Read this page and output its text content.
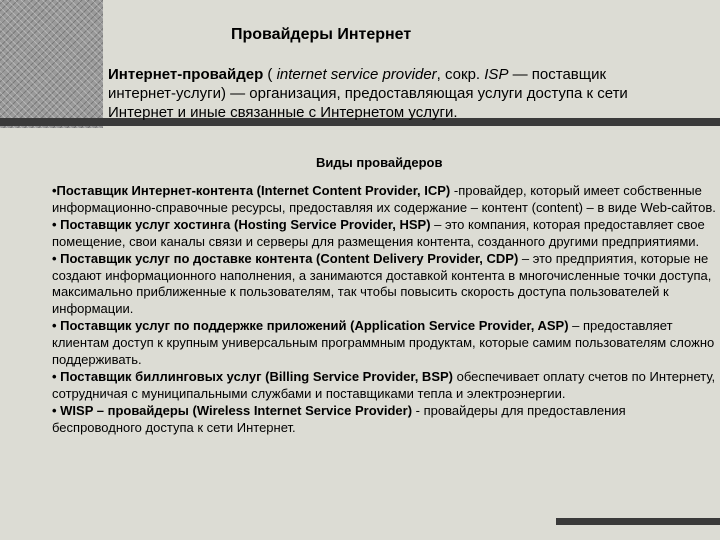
Провайдеры Интернет
Интернет-провайдер ( internet service provider, сокр. ISP — поставщик интернет-услуги) — организация, предоставляющая услуги доступа к сети Интернет и иные связанные с Интернетом услуги.
Виды провайдеров

•Поставщик Интернет-контента (Internet Content Provider, ICP) -провайдер, который имеет собственные информационно-справочные ресурсы, предоставляя их содержание – контент (content) – в виде Web-сайтов.

• Поставщик услуг хостинга (Hosting Service Provider, HSP) – это компания, которая предоставляет свое помещение, свои каналы связи и серверы для размещения контента, созданного другими предприятиями.

• Поставщик услуг по доставке контента (Content Delivery Provider, CDP) – это предприятия, которые не создают информационного наполнения, а занимаются доставкой контента в многочисленные точки доступа, максимально приближенные к пользователям, так чтобы повысить скорость доступа пользователей к информации.

• Поставщик услуг по поддержке приложений (Application Service Provider, ASP) – предоставляет клиентам доступ к крупным универсальным программным продуктам, которые самим пользователям сложно поддерживать.

• Поставщик биллинговых услуг (Billing Service Provider, BSP) обеспечивает оплату счетов по Интернету, сотрудничая с муниципальными службами и поставщиками тепла и электроэнергии.

• WISP – провайдеры (Wireless Internet Service Provider) - провайдеры для предоставления беспроводного доступа к сети Интернет.
